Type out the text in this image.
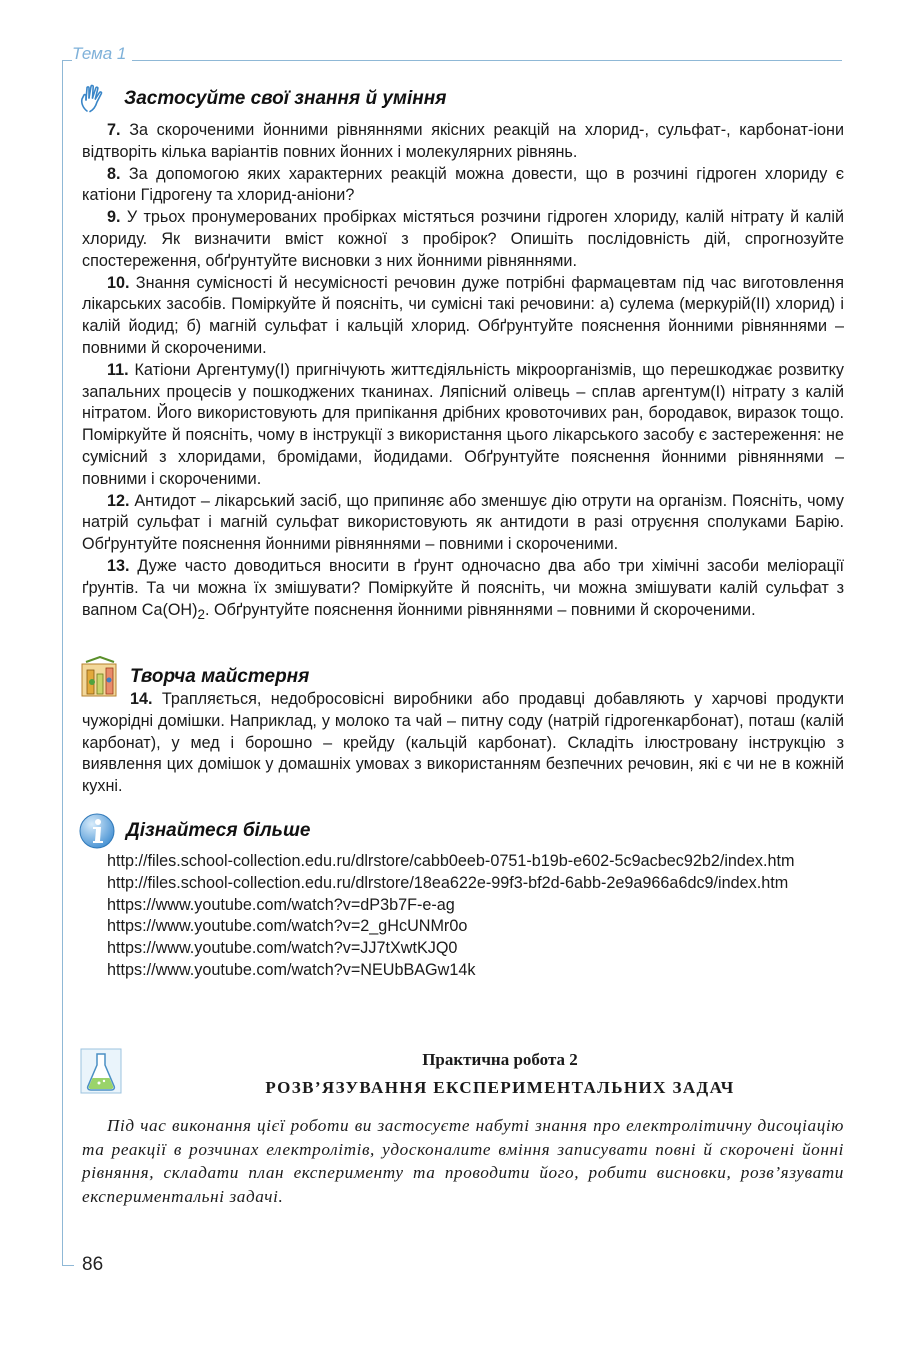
Тема 1
Застосуйте свої знання й уміння

7. За скороченими йонними рівняннями якісних реакцій на хлорид-, сульфат-, карбонат-іони відтворіть кілька варіантів повних йонних і молекулярних рівнянь.

8. За допомогою яких характерних реакцій можна довести, що в розчині гідроген хлориду є катіони Гідрогену та хлорид-аніони?

9. У трьох пронумерованих пробірках містяться розчини гідроген хлориду, калій нітрату й калій хлориду. Як визначити вміст кожної з пробірок? Опишіть послідовність дій, спрогнозуйте спостереження, обґрунтуйте висновки з них йонними рівняннями.

10. Знання сумісності й несумісності речовин дуже потрібні фармацевтам під час виготовлення лікарських засобів. Поміркуйте й поясніть, чи сумісні такі речовини: а) сулема (меркурій(ІІ) хлорид) і калій йодид; б) магній сульфат і кальцій хлорид. Обґрунтуйте пояснення йонними рівняннями – повними й скороченими.

11. Катіони Аргентуму(І) пригнічують життєдіяльність мікроорганізмів, що перешкоджає розвитку запальних процесів у пошкоджених тканинах. Ляпісний олівець – сплав аргентум(І) нітрату з калій нітратом. Його використовують для припікання дрібних кровоточивих ран, бородавок, виразок тощо. Поміркуйте й поясніть, чому в інструкції з використання цього лікарського засобу є застереження: не сумісний з хлоридами, бромідами, йодидами. Обґрунтуйте пояснення йонними рівняннями – повними і скороченими.

12. Антидот – лікарський засіб, що припиняє або зменшує дію отрути на організм. Поясніть, чому натрій сульфат і магній сульфат використовують як антидоти в разі отруєння сполуками Барію. Обґрунтуйте пояснення йонними рівняннями – повними і скороченими.

13. Дуже часто доводиться вносити в ґрунт одночасно два або три хімічні засоби меліорації ґрунтів. Та чи можна їх змішувати? Поміркуйте й поясніть, чи можна змішувати калій сульфат з вапном $Ca(OH)_2$. Обґрунтуйте пояснення йонними рівняннями – повними й скороченими.

Творча майстерня

14. Трапляється, недобросовісні виробники або продавці добавляють у харчові продукти чужорідні домішки. Наприклад, у молоко та чай – питну соду (натрій гідрогенкарбонат), поташ (калій карбонат), у мед і борошно – крейду (кальцій карбонат). Складіть ілюстровану інструкцію з виявлення цих домішок у домашніх умовах з використанням безпечних речовин, які є чи не в кожній кухні.

Дізнайтеся більше

http://files.school-collection.edu.ru/dlrstore/cabb0eeb-0751-b19b-e602-5c9acbec92b2/index.htm

http://files.school-collection.edu.ru/dlrstore/18ea622e-99f3-bf2d-6abb-2e9a966a6dc9/index.htm

https://www.youtube.com/watch?v=dP3b7F-e-ag

https://www.youtube.com/watch?v=2_gHcUNMr0o

https://www.youtube.com/watch?v=JJ7tXwtKJQ0

https://www.youtube.com/watch?v=NEUbBAGw14k

Практична робота 2
РОЗВ’ЯЗУВАННЯ ЕКСПЕРИМЕНТАЛЬНИХ ЗАДАЧ

Під час виконання цієї роботи ви застосуєте набуті знання про електролітичну дисоціацію та реакції в розчинах електролітів, удосконалите вміння записувати повні й скорочені йонні рівняння, складати план експерименту та проводити його, робити висновки, розв’язувати експериментальні задачі.

86
